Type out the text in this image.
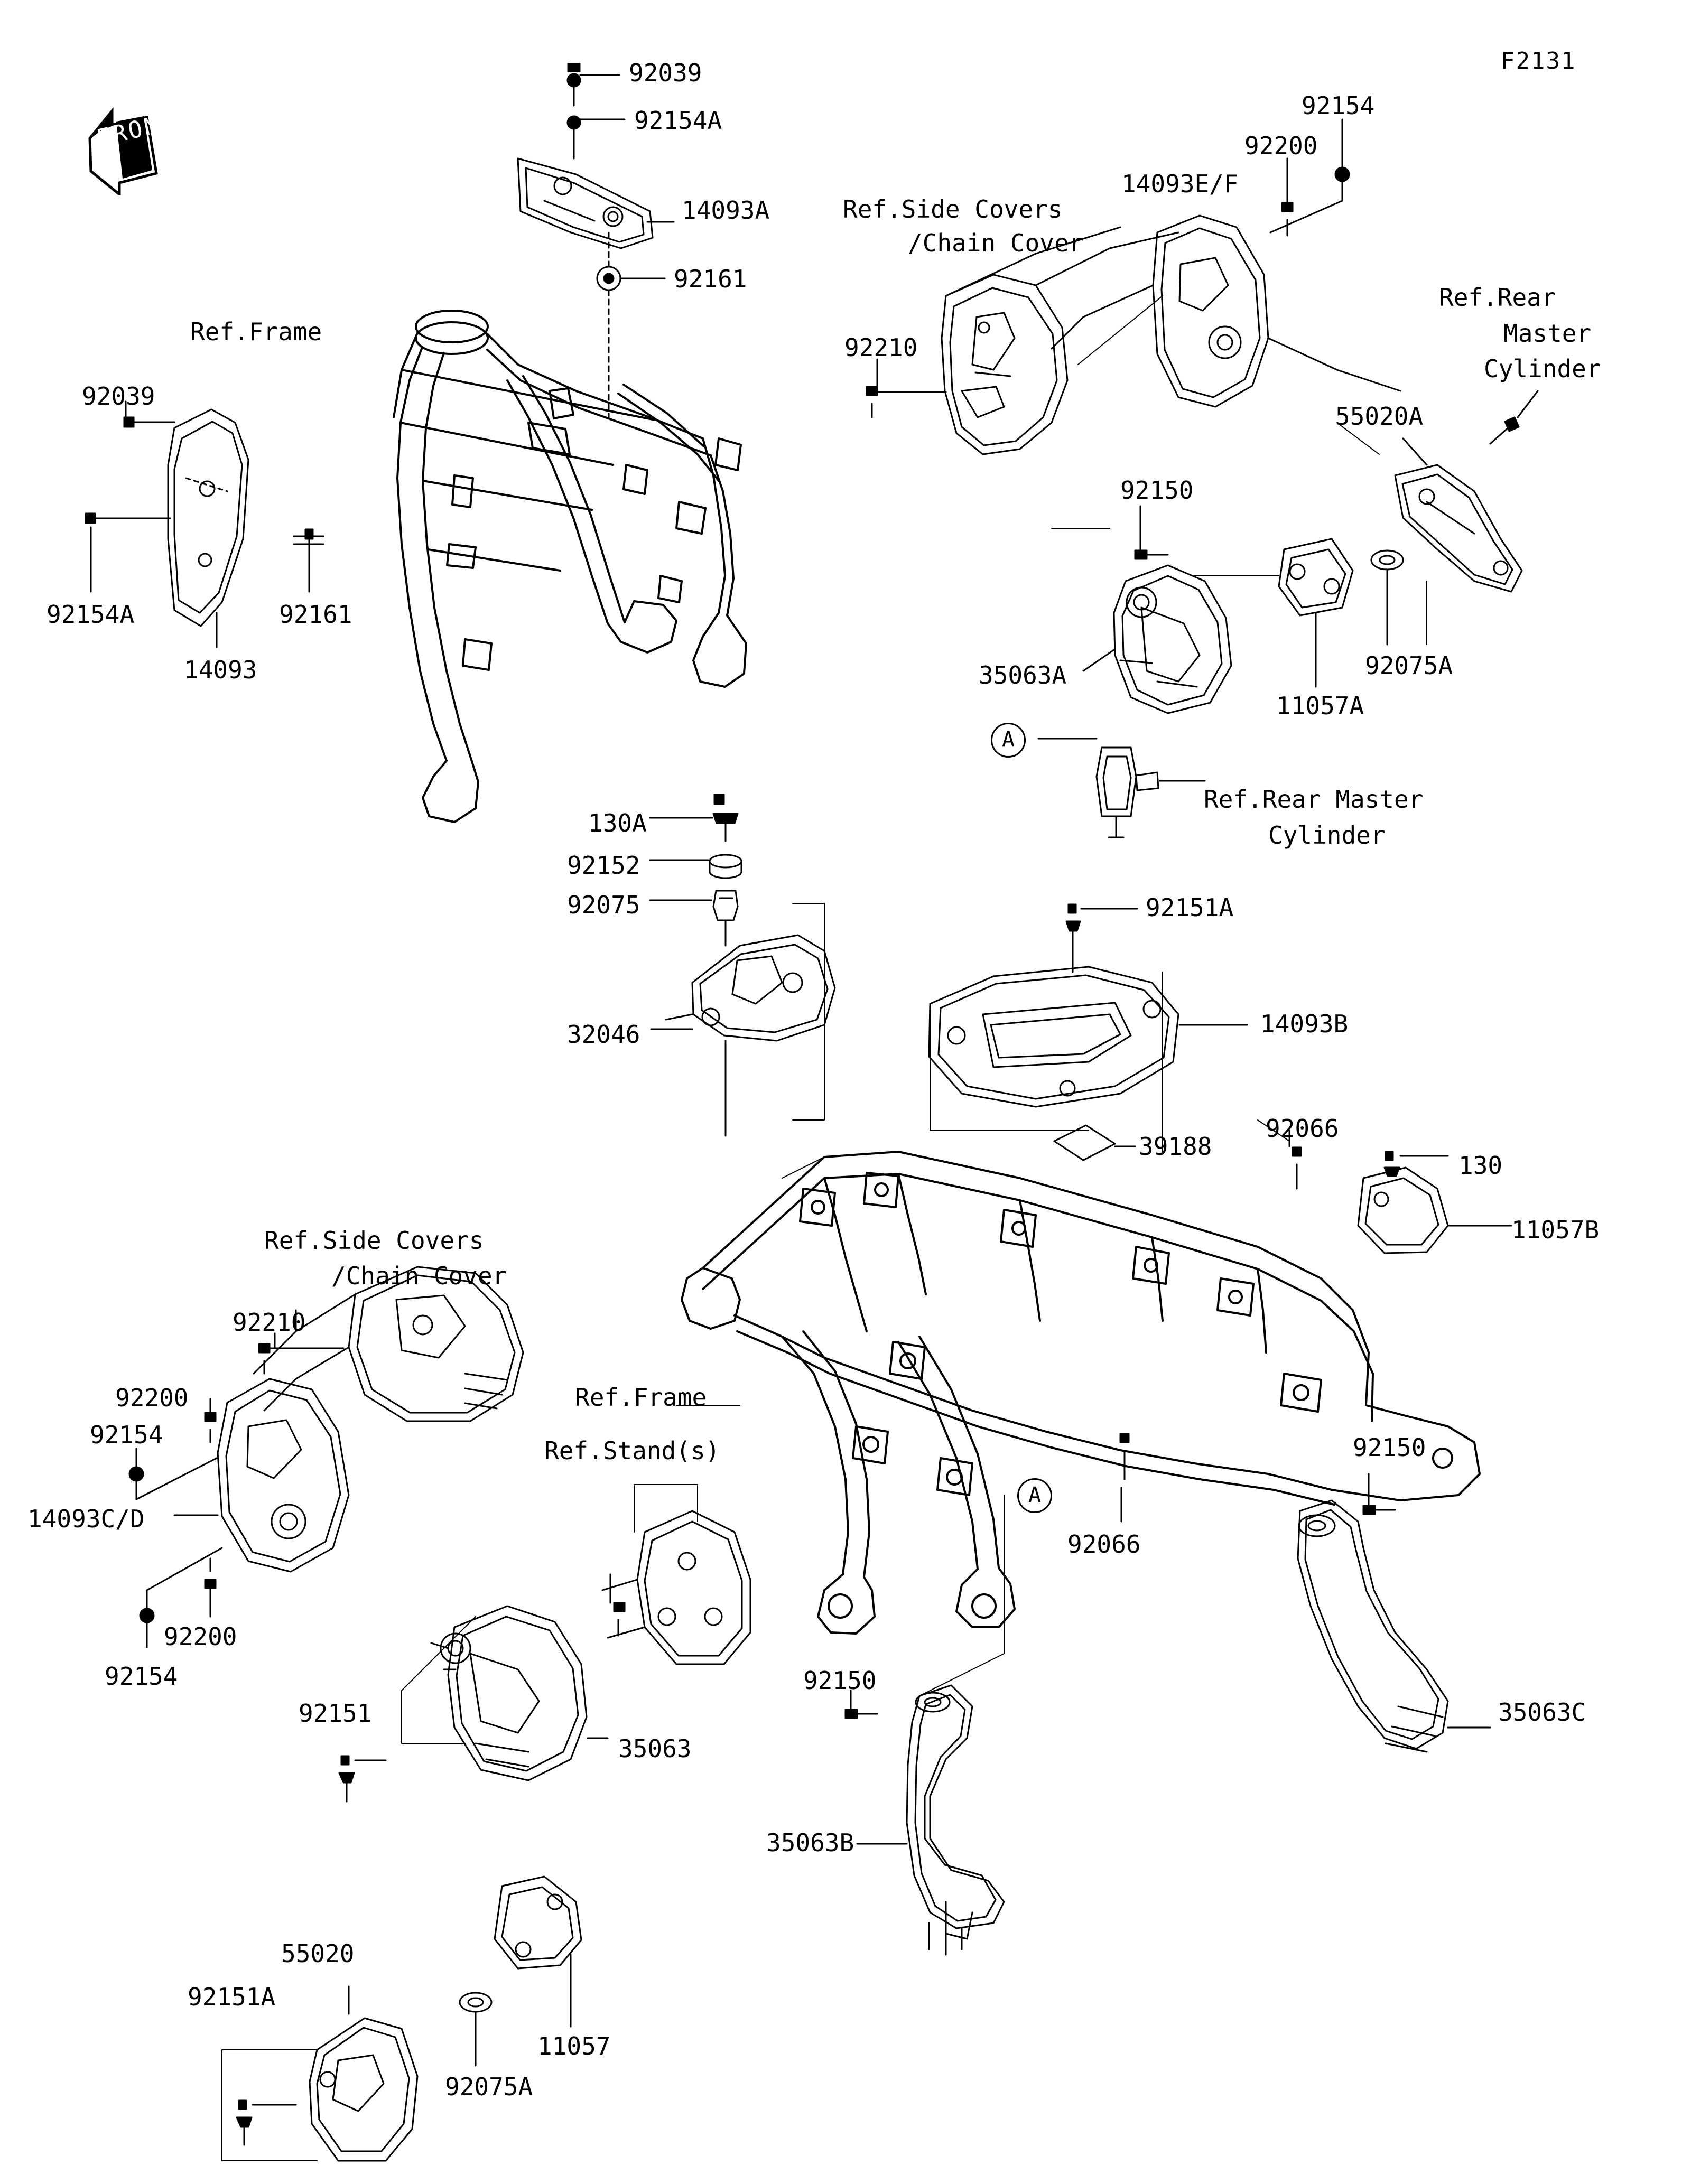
F2131
FRONT
A
A
92039
92154A
14093A
92161
Ref.Frame
92039
92154A
14093
92161
Ref.Side Covers
/Chain Cover
14093E/F
92200
92154
92210
Ref.Rear
Master
Cylinder
55020A
92150
35063A
11057A
92075A
Ref.Rear Master
Cylinder
130A
92152
92075
32046
92151A
14093B
39188
92066
130
11057B
Ref.Side Covers
/Chain Cover
92210
92200
92154
14093C/D
92200
92154
Ref.Frame
Ref.Stand(s)
92066
92150
92151
35063
92150
35063C
35063B
55020
92151A
92075A
11057
